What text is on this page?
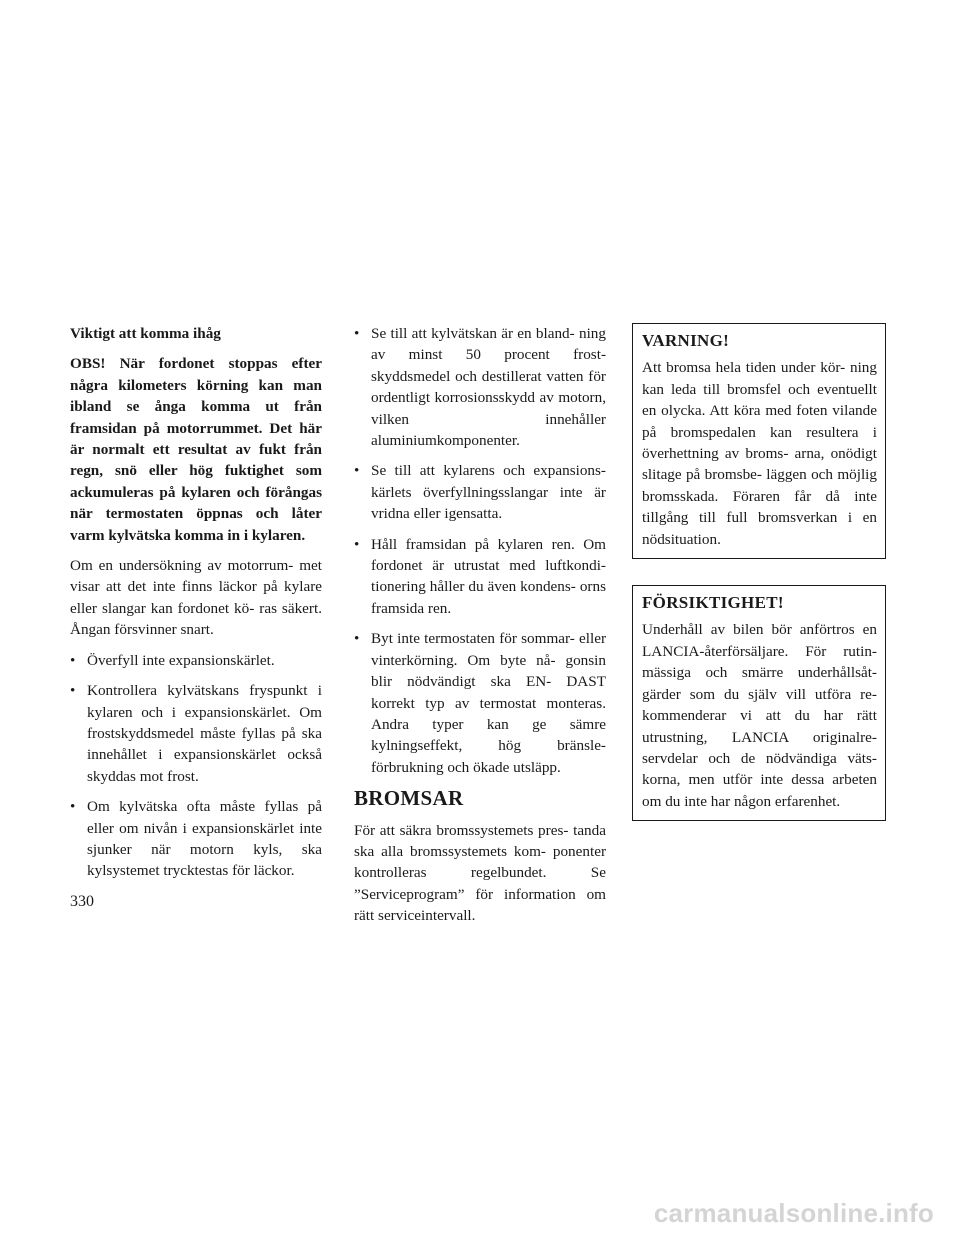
Viktigt att komma ihåg

OBS! När fordonet stoppas efter några kilometers körning kan man ibland se ånga komma ut från framsidan på motorrummet. Det här är normalt ett resultat av fukt från regn, snö eller hög fuktighet som ackumuleras på kylaren och förångas när termostaten öppnas och låter varm kylvätska komma in i kylaren.

Om en undersökning av motorrum- met visar att det inte finns läckor på kylare eller slangar kan fordonet kö- ras säkert. Ångan försvinner snart.

• Överfyll inte expansionskärlet.
• Kontrollera kylvätskans fryspunkt i kylaren och i expansionskärlet. Om frostskyddsmedel måste fyllas på ska innehållet i expansionskärlet också skyddas mot frost.
• Om kylvätska ofta måste fyllas på eller om nivån i expansionskärlet inte sjunker när motorn kyls, ska kylsystemet trycktestas för läckor.
• Se till att kylvätskan är en bland- ning av minst 50 procent frost- skyddsmedel och destillerat vatten för ordentligt korrosionsskydd av motorn, vilken innehåller aluminiumkomponenter.
• Se till att kylarens och expansions- kärlets överfyllningsslangar inte är vridna eller igensatta.
• Håll framsidan på kylaren ren. Om fordonet är utrustat med luftkondi- tionering håller du även kondens- orns framsida ren.
• Byt inte termostaten för sommar- eller vinterkörning. Om byte nå- gonsin blir nödvändigt ska EN- DAST korrekt typ av termostat monteras. Andra typer kan ge sämre kylningseffekt, hög bränsle- förbrukning och ökade utsläpp.
BROMSAR

För att säkra bromssystemets pres- tanda ska alla bromssystemets kom- ponenter kontrolleras regelbundet. Se ”Serviceprogram” för information om rätt serviceintervall.

VARNING!

Att bromsa hela tiden under kör- ning kan leda till bromsfel och eventuellt en olycka. Att köra med foten vilande på bromspedalen kan resultera i överhettning av broms- arna, onödigt slitage på bromsbe- läggen och möjlig bromsskada. Föraren får då inte tillgång till full bromsverkan i en nödsituation.

FÖRSIKTIGHET!

Underhåll av bilen bör anförtros en LANCIA-återförsäljare. För rutin- mässiga och smärre underhållsåt- gärder som du själv vill utföra re- kommenderar vi att du har rätt utrustning, LANCIA originalre- servdelar och de nödvändiga väts- korna, men utför inte dessa arbeten om du inte har någon erfarenhet.

330
carmanualsonline.info
